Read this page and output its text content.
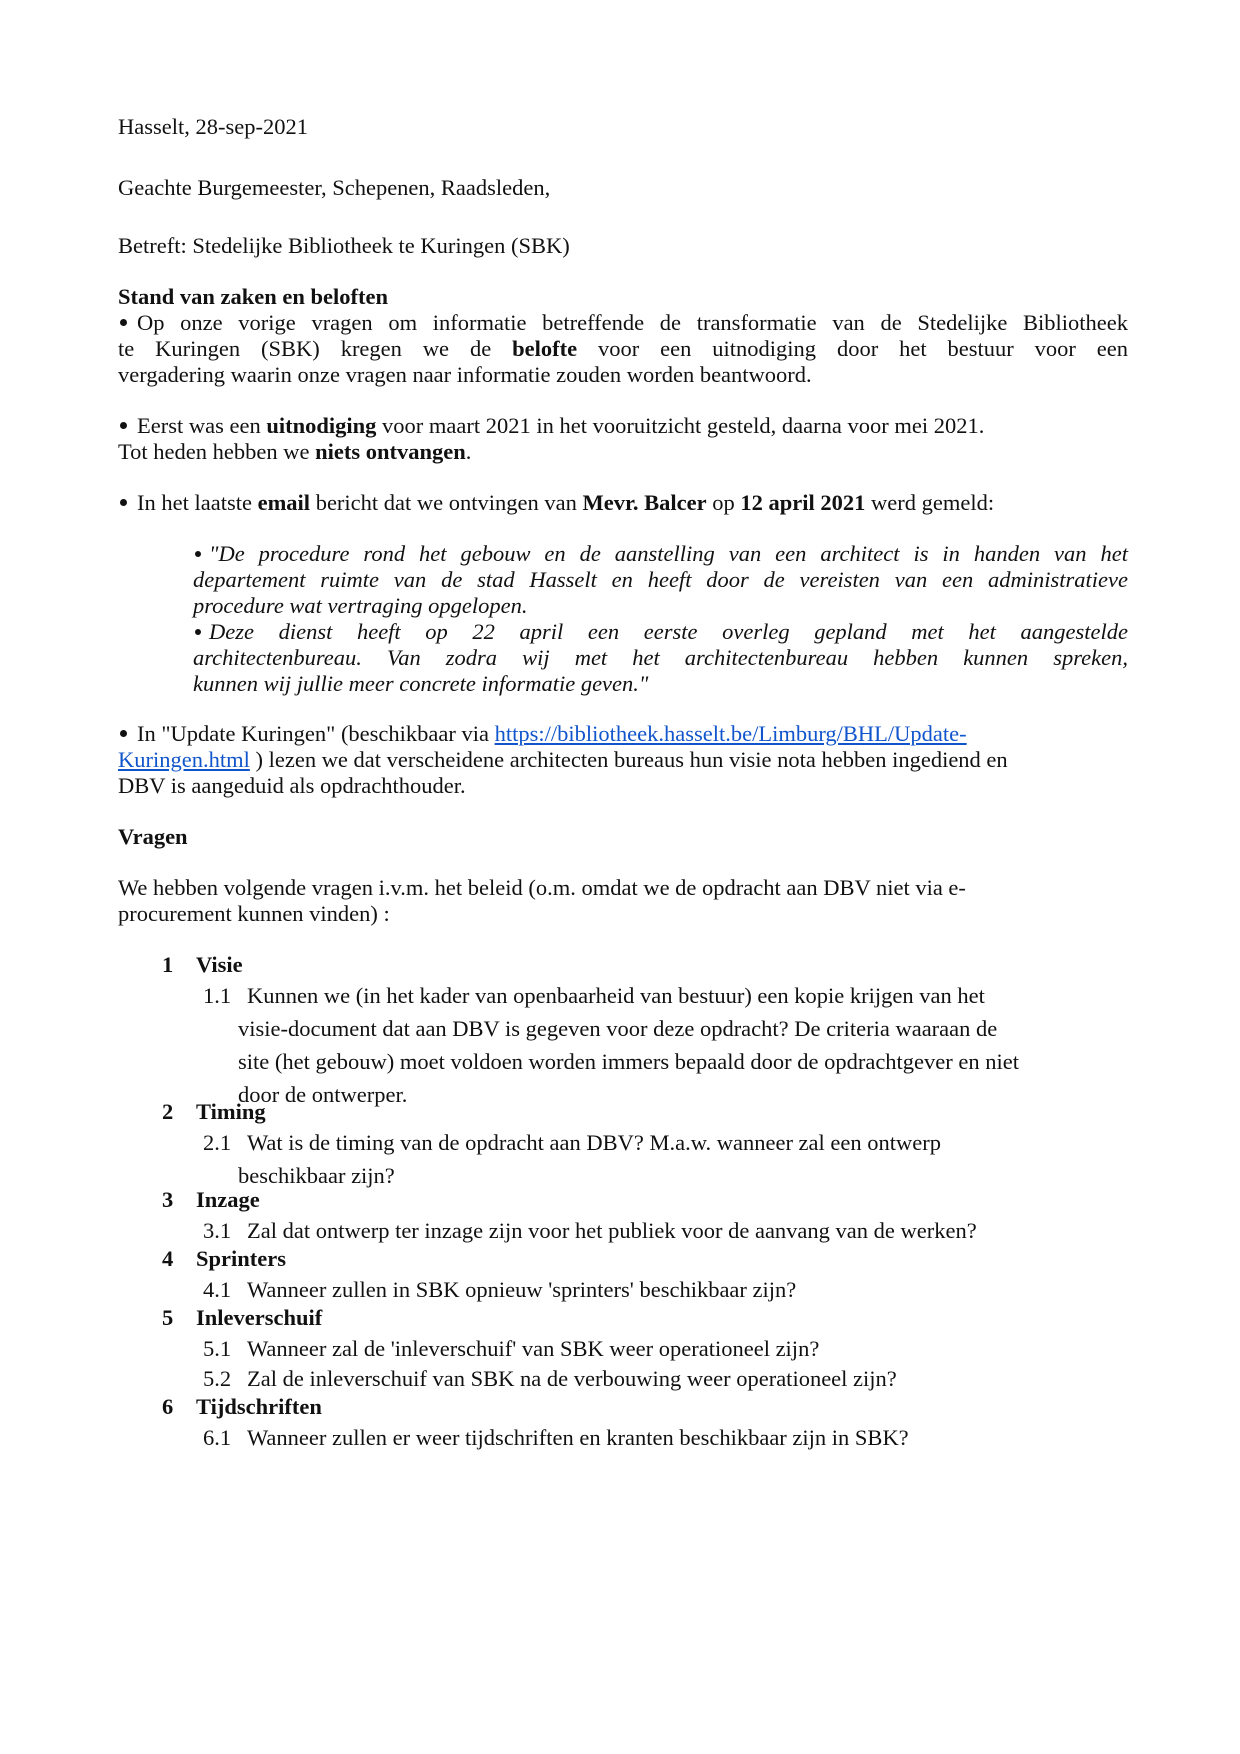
Hasselt, 28-sep-2021
Geachte Burgemeester, Schepenen, Raadsleden,
Betreft: Stedelijke Bibliotheek te Kuringen (SBK)
Stand van zaken en beloften
Op onze vorige vragen om informatie betreffende de transformatie van de Stedelijke Bibliotheek
te Kuringen (SBK) kregen we de belofte voor een uitnodiging door het bestuur voor een
vergadering waarin onze vragen naar informatie zouden worden beantwoord.
Eerst was een uitnodiging voor maart 2021 in het vooruitzicht gesteld, daarna voor mei 2021.
Tot heden hebben we niets ontvangen.
In het laatste email bericht dat we ontvingen van Mevr. Balcer op 12 april 2021 werd gemeld:
"De procedure rond het gebouw en de aanstelling van een architect is in handen van het
departement ruimte van de stad Hasselt en heeft door de vereisten van een administratieve
procedure wat vertraging opgelopen.
Deze dienst heeft op 22 april een eerste overleg gepland met het aangestelde
architectenbureau. Van zodra wij met het architectenbureau hebben kunnen spreken,
kunnen wij jullie meer concrete informatie geven."
In "Update Kuringen" (beschikbaar via https://bibliotheek.hasselt.be/Limburg/BHL/Update-
Kuringen.html ) lezen we dat verscheidene architecten bureaus hun visie nota hebben ingediend en
DBV is aangeduid als opdrachthouder.
Vragen
We hebben volgende vragen i.v.m. het beleid (o.m. omdat we de opdracht aan DBV niet via e-
procurement kunnen vinden) :
1 Visie
1.1 Kunnen we (in het kader van openbaarheid van bestuur) een kopie krijgen van het
visie-document dat aan DBV is gegeven voor deze opdracht? De criteria waaraan de
site (het gebouw) moet voldoen worden immers bepaald door de opdrachtgever en niet
door de ontwerper.
2 Timing
2.1 Wat is de timing van de opdracht aan DBV? M.a.w. wanneer zal een ontwerp
beschikbaar zijn?
3 Inzage
3.1 Zal dat ontwerp ter inzage zijn voor het publiek voor de aanvang van de werken?
4 Sprinters
4.1 Wanneer zullen in SBK opnieuw 'sprinters' beschikbaar zijn?
5 Inleverschuif
5.1 Wanneer zal de 'inleverschuif' van SBK weer operationeel zijn?
5.2 Zal de inleverschuif van SBK na de verbouwing weer operationeel zijn?
6 Tijdschriften
6.1 Wanneer zullen er weer tijdschriften en kranten beschikbaar zijn in SBK?
